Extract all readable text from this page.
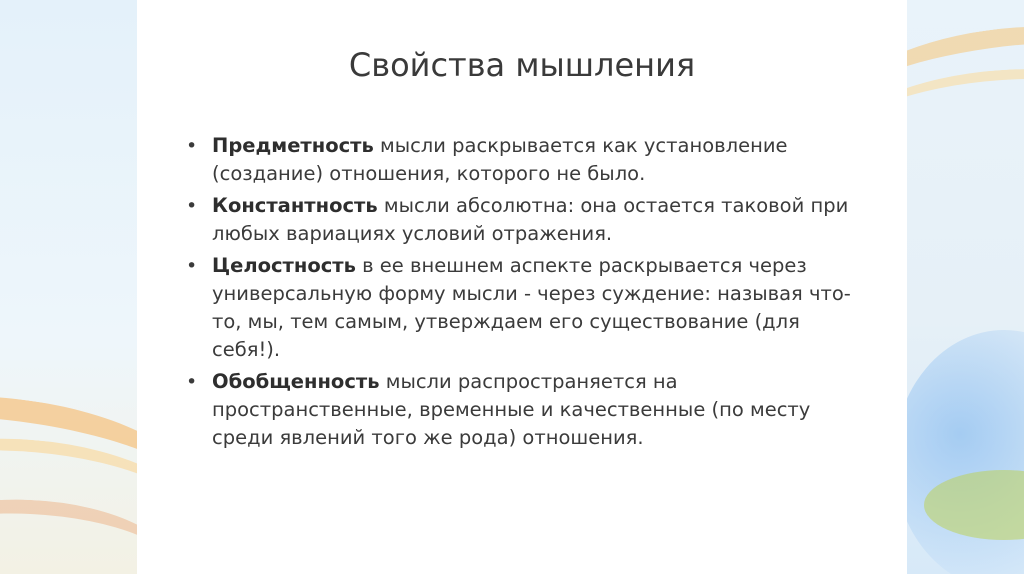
Свойства мышления
• Предметность мысли раскрывается как установление (создание) отношения, которого не было.
• Константность мысли абсолютна: она остается таковой при любых вариациях условий отражения.
• Целостность в ее внешнем аспекте раскрывается через универсальную форму мысли - через суждение: называя что-то, мы, тем самым, утверждаем его существование (для себя!).
• Обобщенность мысли распространяется на пространственные, временные и качественные (по месту среди явлений того же рода) отношения.
